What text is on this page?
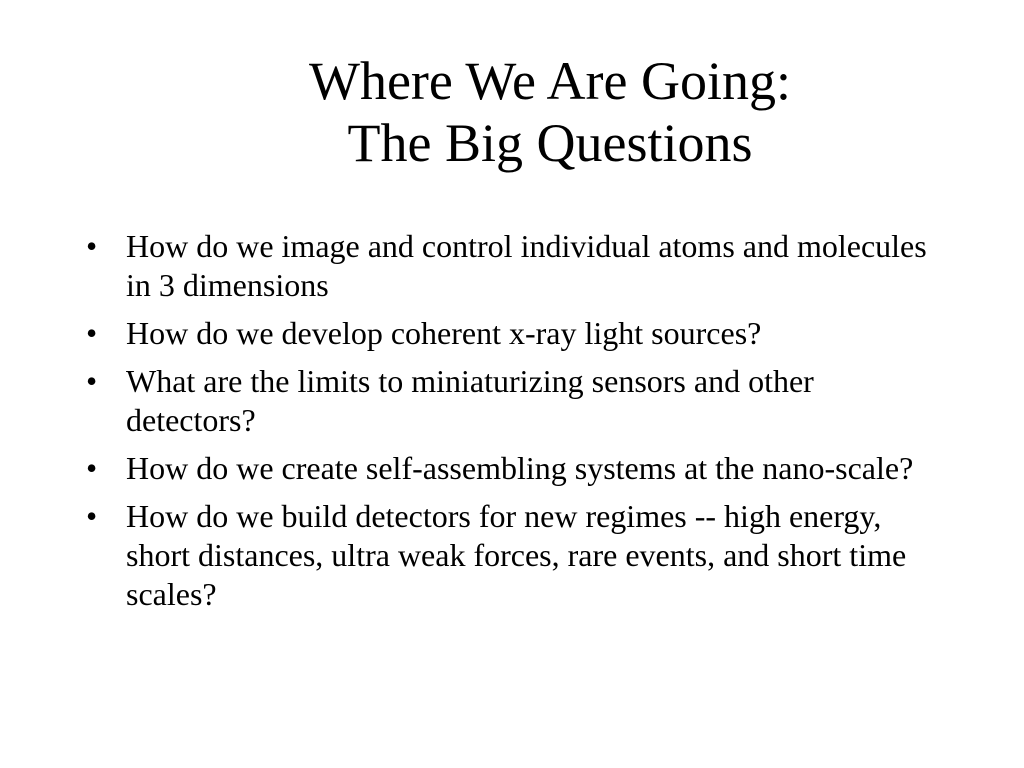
Where We Are Going:
The Big Questions
• How do we image and control individual atoms and molecules in 3 dimensions
• How do we develop coherent x-ray light sources?
• What are the limits to miniaturizing sensors and other detectors?
• How do we create self-assembling systems at the nano-scale?
• How do we build detectors for new regimes -- high energy, short distances, ultra weak forces, rare events, and short time scales?
